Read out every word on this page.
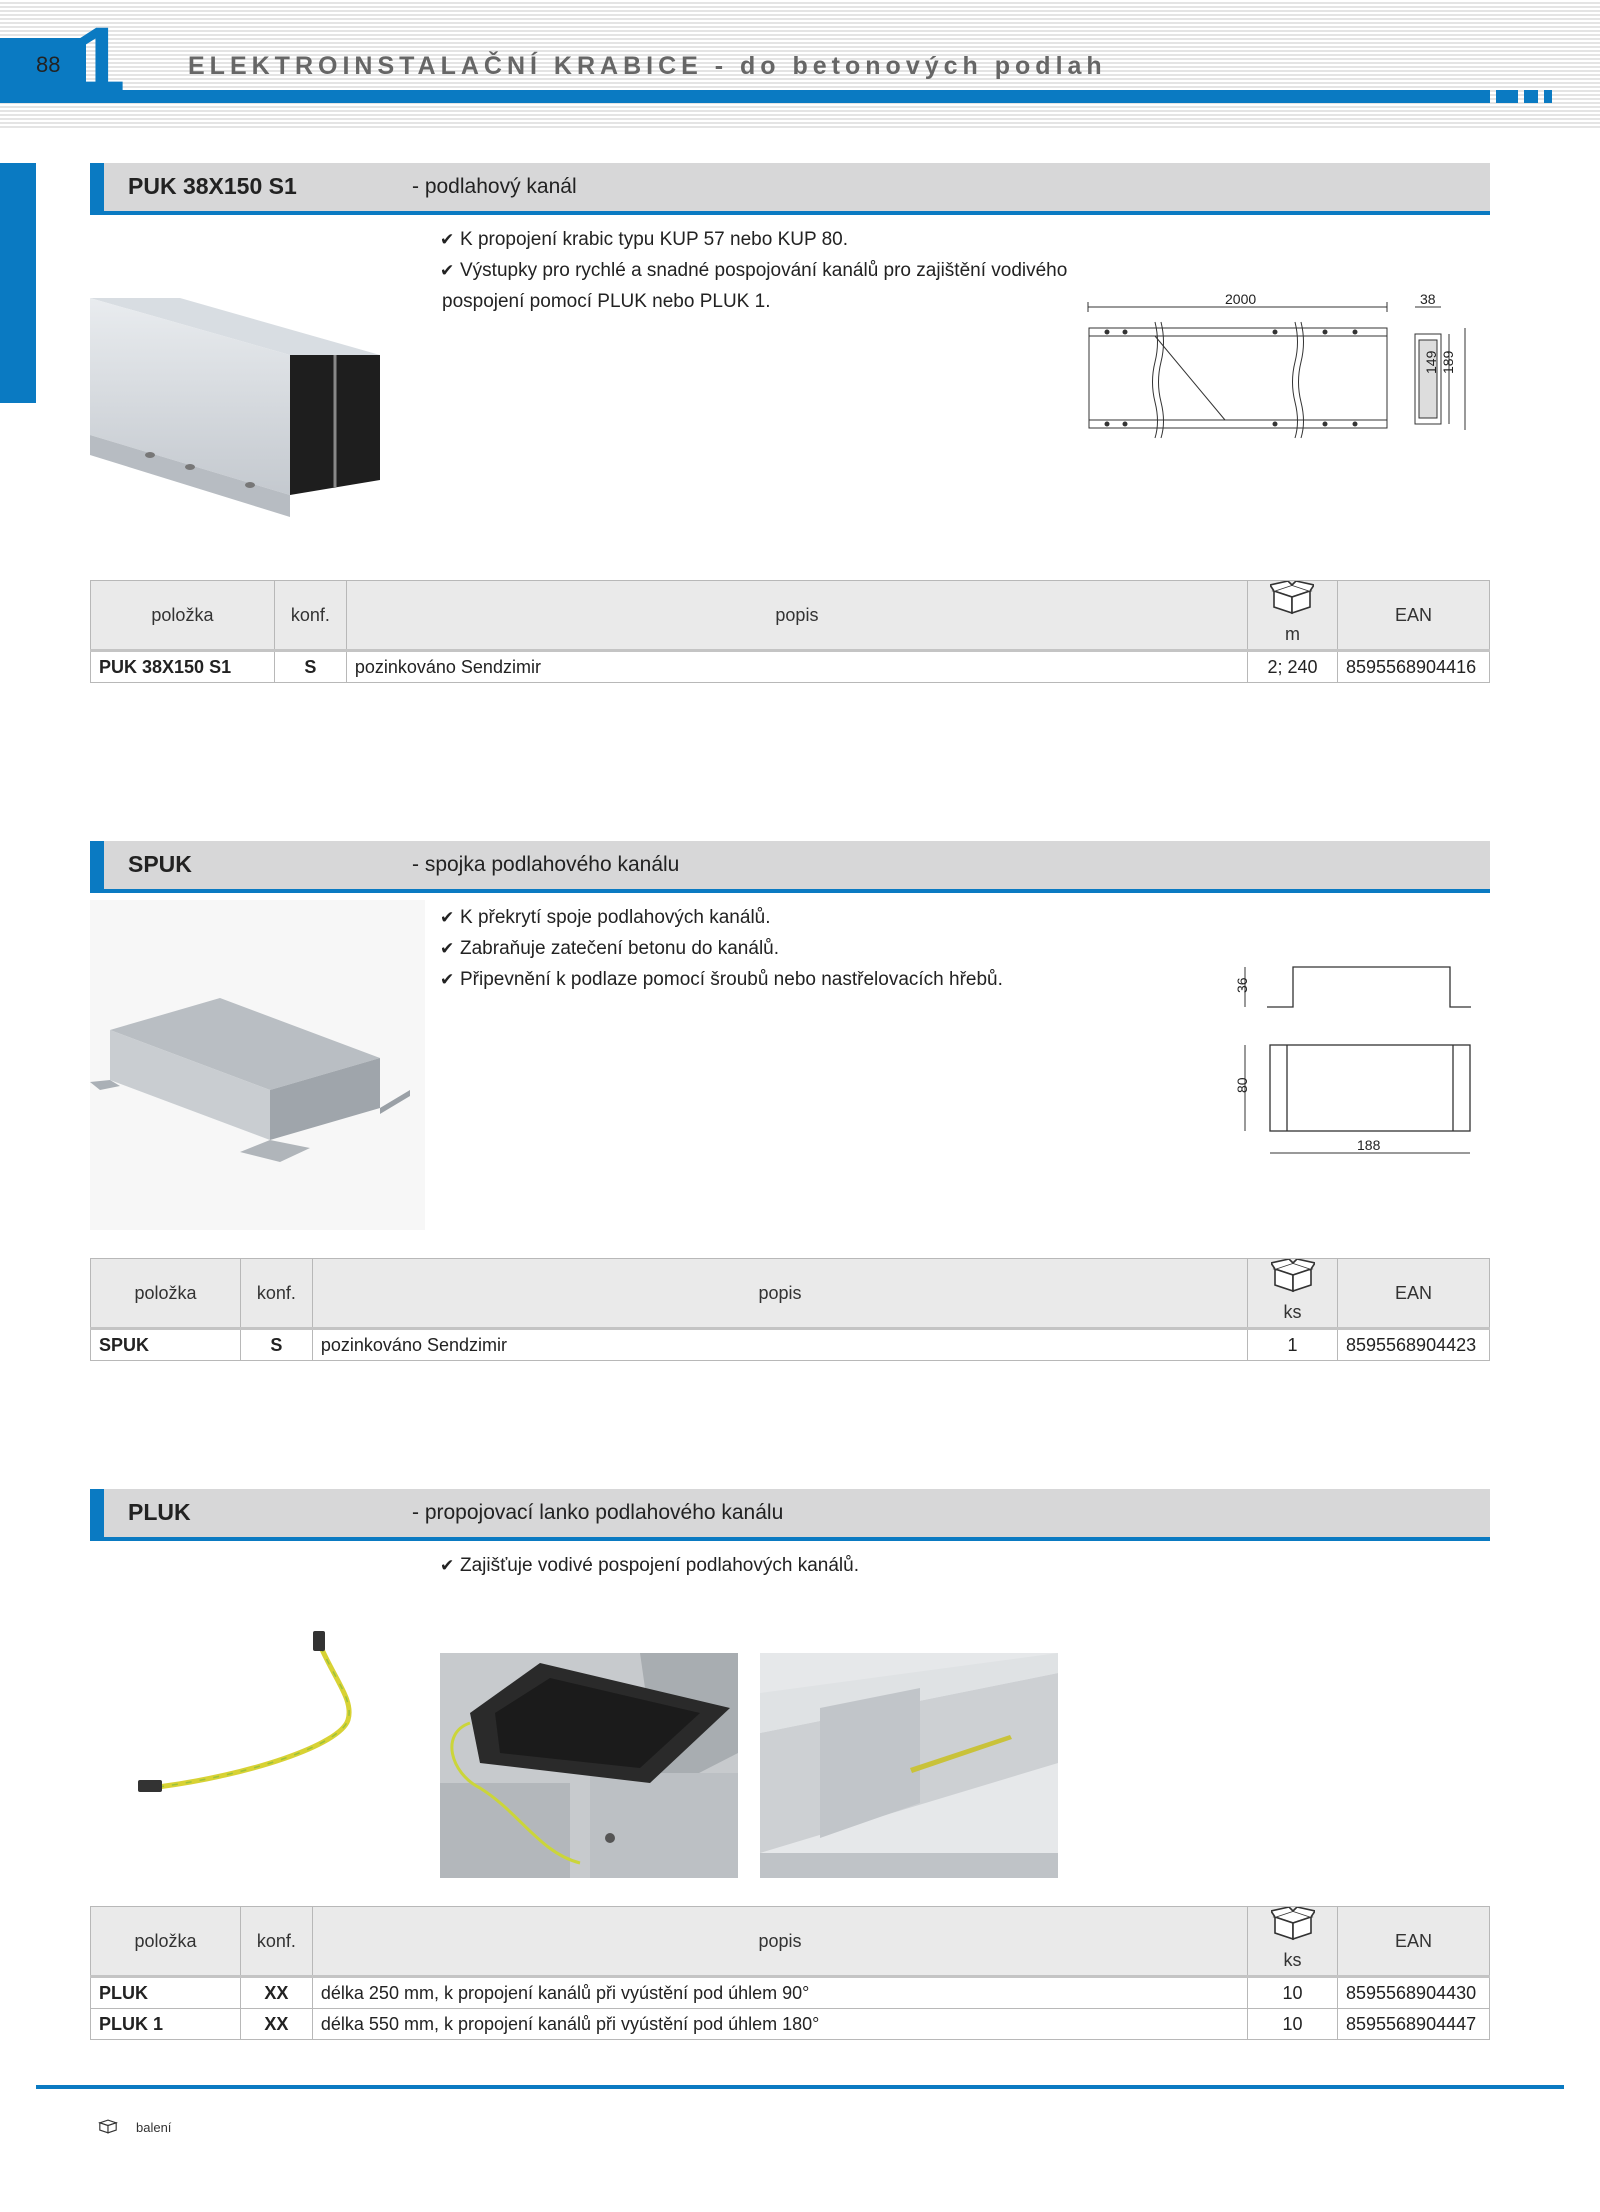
88 1	ELEKTROINSTALAČNÍ KRABICE - do betonových podlah
PUK 38X150 S1	- podlahový kanál
✔ K propojení krabic typu KUP 57 nebo KUP 80.
✔ Výstupky pro rychlé a snadné pospojování kanálů pro zajištění vodivého
pospojení pomocí PLUK nebo PLUK 1.	2000	38
149 189
položka	konf.	popis		EAN
			m	
PUK 38X150 S1	S	pozinkováno Sendzimir	2; 240	8595568904416
SPUK	- spojka podlahového kanálu
✔ K překrytí spoje podlahových kanálů.
✔ Zabraňuje zatečení betonu do kanálů.
✔ Připevnění k podlaze pomocí šroubů nebo nastřelovacích hřebů.	36
80
188
položka	konf.	popis		EAN
			ks	
SPUK	S	pozinkováno Sendzimir	1	8595568904423
PLUK	- propojovací lanko podlahového kanálu
✔ Zajišťuje vodivé pospojení podlahových kanálů.
položka	konf.	popis		EAN
			ks	
PLUK	XX	délka 250 mm, k propojení kanálů při vyústění pod úhlem 90°	10	8595568904430
PLUK 1	XX	délka 550 mm, k propojení kanálů při vyústění pod úhlem 180°	10	8595568904447
balení
